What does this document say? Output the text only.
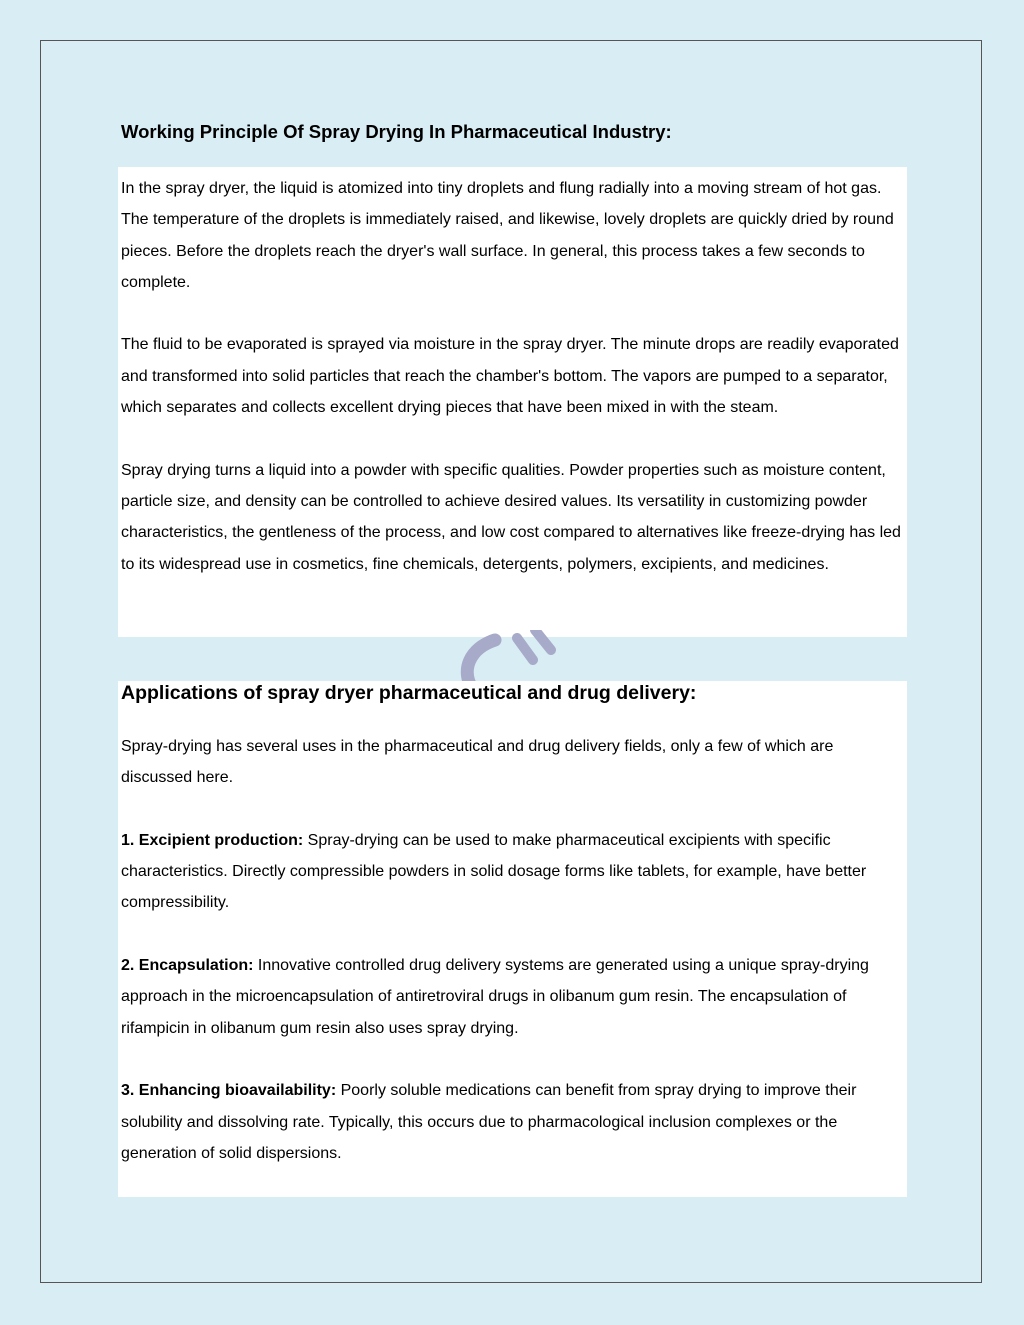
Working Principle Of Spray Drying In Pharmaceutical Industry:

In the spray dryer, the liquid is atomized into tiny droplets and flung radially into a moving stream of hot gas. The temperature of the droplets is immediately raised, and likewise, lovely droplets are quickly dried by round pieces. Before the droplets reach the dryer's wall surface. In general, this process takes a few seconds to complete.

The fluid to be evaporated is sprayed via moisture in the spray dryer. The minute drops are readily evaporated and transformed into solid particles that reach the chamber's bottom. The vapors are pumped to a separator, which separates and collects excellent drying pieces that have been mixed in with the steam.

Spray drying turns a liquid into a powder with specific qualities. Powder properties such as moisture content, particle size, and density can be controlled to achieve desired values. Its versatility in customizing powder characteristics, the gentleness of the process, and low cost compared to alternatives like freeze-drying has led to its widespread use in cosmetics, fine chemicals, detergents, polymers, excipients, and medicines.

Applications of spray dryer pharmaceutical and drug delivery:

Spray-drying has several uses in the pharmaceutical and drug delivery fields, only a few of which are discussed here.

1. Excipient production: Spray-drying can be used to make pharmaceutical excipients with specific characteristics. Directly compressible powders in solid dosage forms like tablets, for example, have better compressibility.

2. Encapsulation: Innovative controlled drug delivery systems are generated using a unique spray-drying approach in the microencapsulation of antiretroviral drugs in olibanum gum resin. The encapsulation of rifampicin in olibanum gum resin also uses spray drying.

3. Enhancing bioavailability: Poorly soluble medications can benefit from spray drying to improve their solubility and dissolving rate. Typically, this occurs due to pharmacological inclusion complexes or the generation of solid dispersions.
